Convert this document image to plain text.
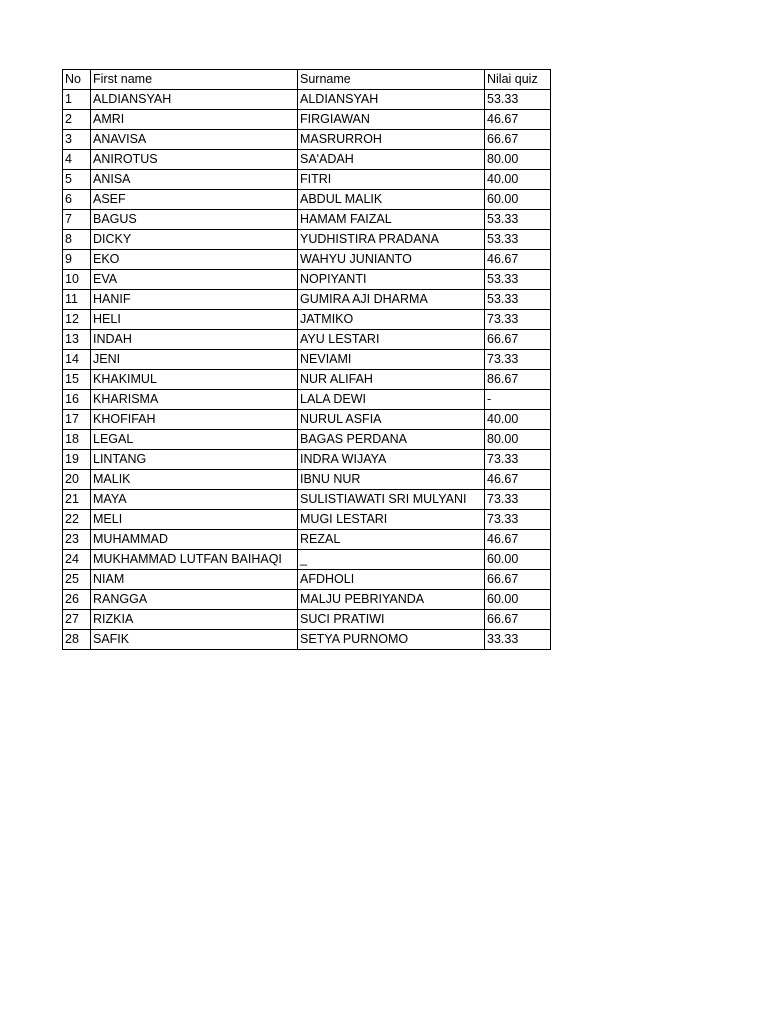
No	First name	Surname	Nilai quiz
1	ALDIANSYAH	ALDIANSYAH	53.33
2	AMRI	FIRGIAWAN	46.67
3	ANAVISA	MASRURROH	66.67
4	ANIROTUS	SA'ADAH	80.00
5	ANISA	FITRI	40.00
6	ASEF	ABDUL MALIK	60.00
7	BAGUS	HAMAM FAIZAL	53.33
8	DICKY	YUDHISTIRA PRADANA	53.33
9	EKO	WAHYU JUNIANTO	46.67
10	EVA	NOPIYANTI	53.33
11	HANIF	GUMIRA AJI DHARMA	53.33
12	HELI	JATMIKO	73.33
13	INDAH	AYU LESTARI	66.67
14	JENI	NEVIAMI	73.33
15	KHAKIMUL	NUR ALIFAH	86.67
16	KHARISMA	LALA DEWI	-
17	KHOFIFAH	NURUL ASFIA	40.00
18	LEGAL	BAGAS PERDANA	80.00
19	LINTANG	INDRA WIJAYA	73.33
20	MALIK	IBNU NUR	46.67
21	MAYA	SULISTIAWATI SRI MULYANI	73.33
22	MELI	MUGI LESTARI	73.33
23	MUHAMMAD	REZAL	46.67
24	MUKHAMMAD LUTFAN BAIHAQI	_	60.00
25	NIAM	AFDHOLI	66.67
26	RANGGA	MALJU PEBRIYANDA	60.00
27	RIZKIA	SUCI PRATIWI	66.67
28	SAFIK	SETYA PURNOMO	33.33
